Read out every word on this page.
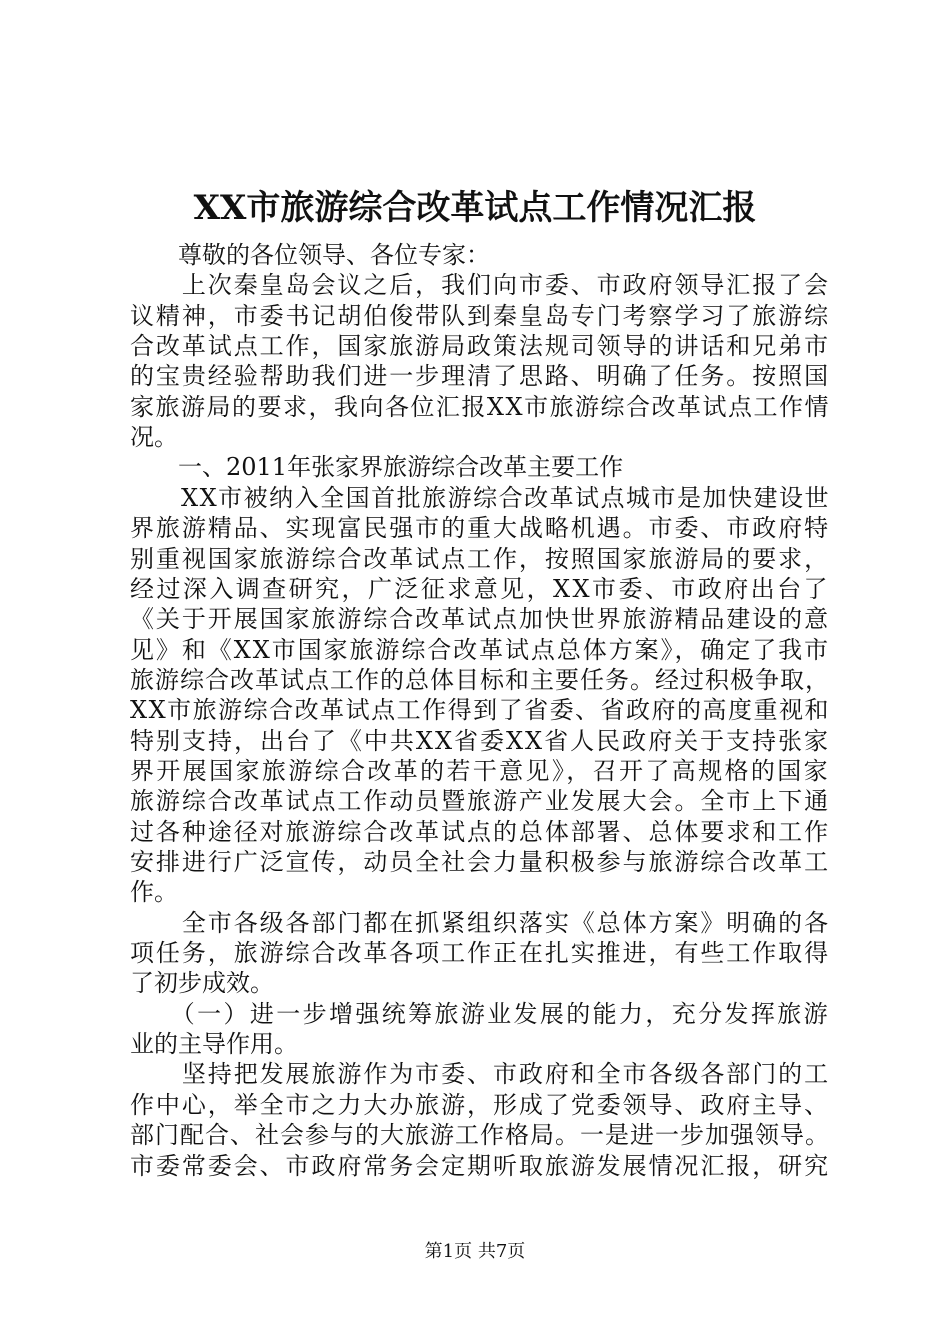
XX市旅游综合改革试点工作情况汇报
　　尊敬的各位领导、各位专家：
　　上次秦皇岛会议之后，我们向市委、市政府领导汇报了会
议精神，市委书记胡伯俊带队到秦皇岛专门考察学习了旅游综
合改革试点工作，国家旅游局政策法规司领导的讲话和兄弟市
的宝贵经验帮助我们进一步理清了思路、明确了任务。按照国
家旅游局的要求，我向各位汇报XX市旅游综合改革试点工作情
况。
　　一、2011年张家界旅游综合改革主要工作
　　XX市被纳入全国首批旅游综合改革试点城市是加快建设世
界旅游精品、实现富民强市的重大战略机遇。市委、市政府特
别重视国家旅游综合改革试点工作，按照国家旅游局的要求，
经过深入调查研究，广泛征求意见，XX市委、市政府出台了
《关于开展国家旅游综合改革试点加快世界旅游精品建设的意
见》和《XX市国家旅游综合改革试点总体方案》，确定了我市
旅游综合改革试点工作的总体目标和主要任务。经过积极争取，
XX市旅游综合改革试点工作得到了省委、省政府的高度重视和
特别支持，出台了《中共XX省委XX省人民政府关于支持张家
界开展国家旅游综合改革的若干意见》，召开了高规格的国家
旅游综合改革试点工作动员暨旅游产业发展大会。全市上下通
过各种途径对旅游综合改革试点的总体部署、总体要求和工作
安排进行广泛宣传，动员全社会力量积极参与旅游综合改革工
作。
　　全市各级各部门都在抓紧组织落实《总体方案》明确的各
项任务，旅游综合改革各项工作正在扎实推进，有些工作取得
了初步成效。
　　（一）进一步增强统筹旅游业发展的能力，充分发挥旅游
业的主导作用。
　　坚持把发展旅游作为市委、市政府和全市各级各部门的工
作中心，举全市之力大办旅游，形成了党委领导、政府主导、
部门配合、社会参与的大旅游工作格局。一是进一步加强领导。
市委常委会、市政府常务会定期听取旅游发展情况汇报，研究
第1页 共7页
